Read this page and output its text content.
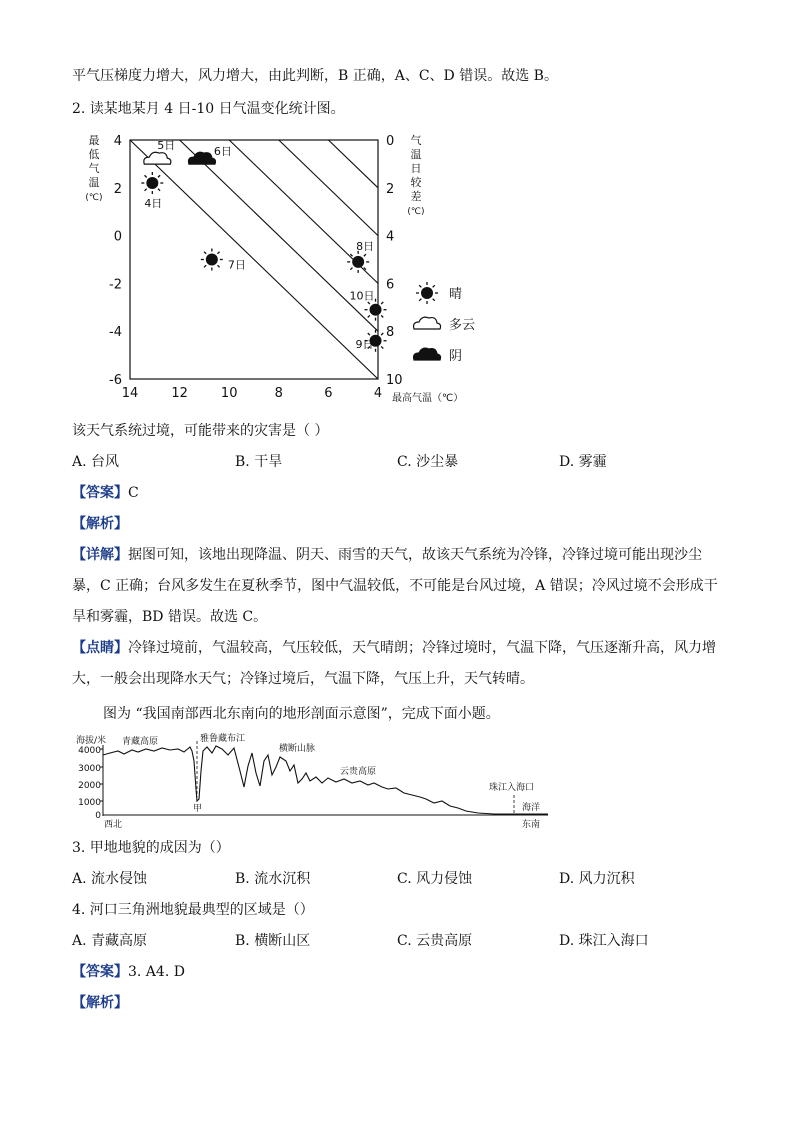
平气压梯度力增大，风力增大，由此判断，B 正确，A、C、D 错误。故选 B。
2. 读某地某月 4 日-10 日气温变化统计图。
14	12	10	8	6	4
4
2
0
-2
-4
-6
0
2
4
6
8
10
最
低
气
温
(℃)
气
温
日
较
差
(℃)
最高气温（℃）
4日
5日	6日
7日
8日
9日
10日	晴
多云
阴
该天气系统过境，可能带来的灾害是（ ）
A. 台风	B. 干旱	C. 沙尘暴	D. 雾霾
【答案】C
【解析】
【详解】据图可知，该地出现降温、阴天、雨雪的天气，故该天气系统为冷锋，冷锋过境可能出现沙尘暴，C 正确；台风多发生在夏秋季节，图中气温较低，不可能是台风过境，A 错误；冷风过境不会形成干旱和雾霾，BD 错误。故选 C。
【点睛】冷锋过境前，气温较高，气压较低，天气晴朗；冷锋过境时，气温下降，气压逐渐升高，风力增大，一般会出现降水天气；冷锋过境后，气温下降，气压上升，天气转晴。
图为 “我国南部西北东南向的地形剖面示意图”，完成下面小题。
海拔/米
4000
3000
2000
1000
0
青藏高原	雅鲁藏布江
横断山脉
云贵高原
珠江入海口
海洋
甲
西北	东南
3. 甲地地貌的成因为（）
A. 流水侵蚀	B. 流水沉积	C. 风力侵蚀	D. 风力沉积
4. 河口三角洲地貌最典型的区域是（）
A. 青藏高原	B. 横断山区	C. 云贵高原	D. 珠江入海口
【答案】3. A4. D
【解析】
